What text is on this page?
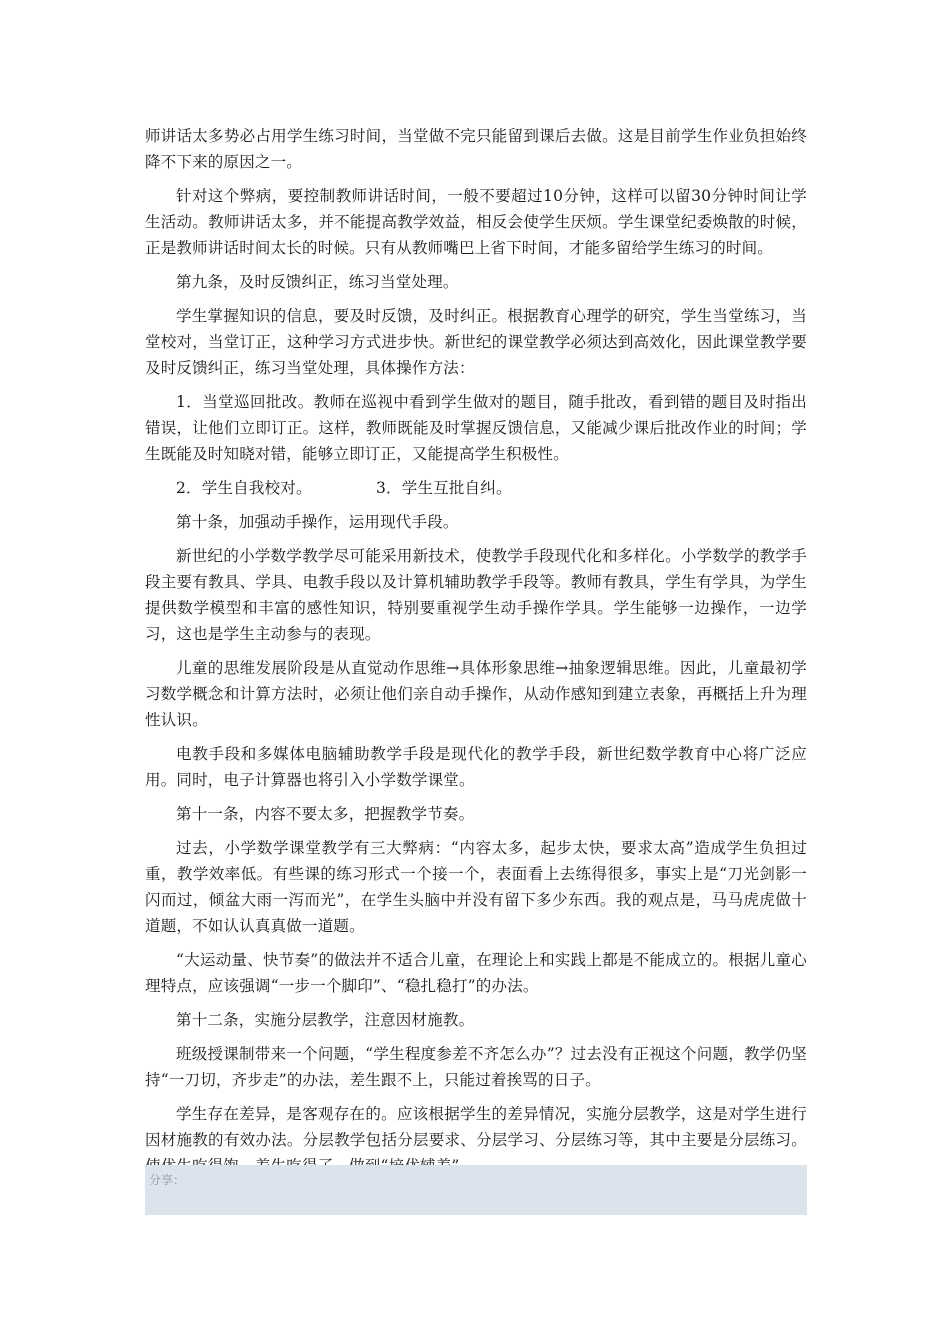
师讲话太多势必占用学生练习时间，当堂做不完只能留到课后去做。这是目前学生作业负担始终降不下来的原因之一。

针对这个弊病，要控制教师讲话时间，一般不要超过10分钟，这样可以留30分钟时间让学生活动。教师讲话太多，并不能提高教学效益，相反会使学生厌烦。学生课堂纪委焕散的时候，正是教师讲话时间太长的时候。只有从教师嘴巴上省下时间，才能多留给学生练习的时间。

第九条，及时反馈纠正，练习当堂处理。

学生掌握知识的信息，要及时反馈，及时纠正。根据教育心理学的研究，学生当堂练习，当堂校对，当堂订正，这种学习方式进步快。新世纪的课堂教学必须达到高效化，因此课堂教学要及时反馈纠正，练习当堂处理，具体操作方法：

1．当堂巡回批改。教师在巡视中看到学生做对的题目，随手批改，看到错的题目及时指出错误，让他们立即订正。这样，教师既能及时掌握反馈信息，又能减少课后批改作业的时间；学生既能及时知晓对错，能够立即订正，又能提高学生积极性。

2．学生自我校对。	3．学生互批自纠。

第十条，加强动手操作，运用现代手段。

新世纪的小学数学教学尽可能采用新技术，使教学手段现代化和多样化。小学数学的教学手段主要有教具、学具、电教手段以及计算机辅助教学手段等。教师有教具，学生有学具，为学生提供数学模型和丰富的感性知识，特别要重视学生动手操作学具。学生能够一边操作，一边学习，这也是学生主动参与的表现。

儿童的思维发展阶段是从直觉动作思维→具体形象思维→抽象逻辑思维。因此，儿童最初学习数学概念和计算方法时，必须让他们亲自动手操作，从动作感知到建立表象，再概括上升为理性认识。

电教手段和多媒体电脑辅助教学手段是现代化的教学手段，新世纪数学教育中心将广泛应用。同时，电子计算器也将引入小学数学课堂。

第十一条，内容不要太多，把握教学节奏。

过去，小学数学课堂教学有三大弊病：“内容太多，起步太快，要求太高”造成学生负担过重，教学效率低。有些课的练习形式一个接一个，表面看上去练得很多，事实上是“刀光剑影一闪而过，倾盆大雨一泻而光”，在学生头脑中并没有留下多少东西。我的观点是，马马虎虎做十道题，不如认认真真做一道题。

“大运动量、快节奏”的做法并不适合儿童，在理论上和实践上都是不能成立的。根据儿童心理特点，应该强调“一步一个脚印”、“稳扎稳打”的办法。

第十二条，实施分层教学，注意因材施教。

班级授课制带来一个问题，“学生程度参差不齐怎么办”？过去没有正视这个问题，教学仍坚持“一刀切，齐步走”的办法，差生跟不上，只能过着挨骂的日子。

学生存在差异，是客观存在的。应该根据学生的差异情况，实施分层教学，这是对学生进行因材施教的有效办法。分层教学包括分层要求、分层学习、分层练习等，其中主要是分层练习。

分享：
